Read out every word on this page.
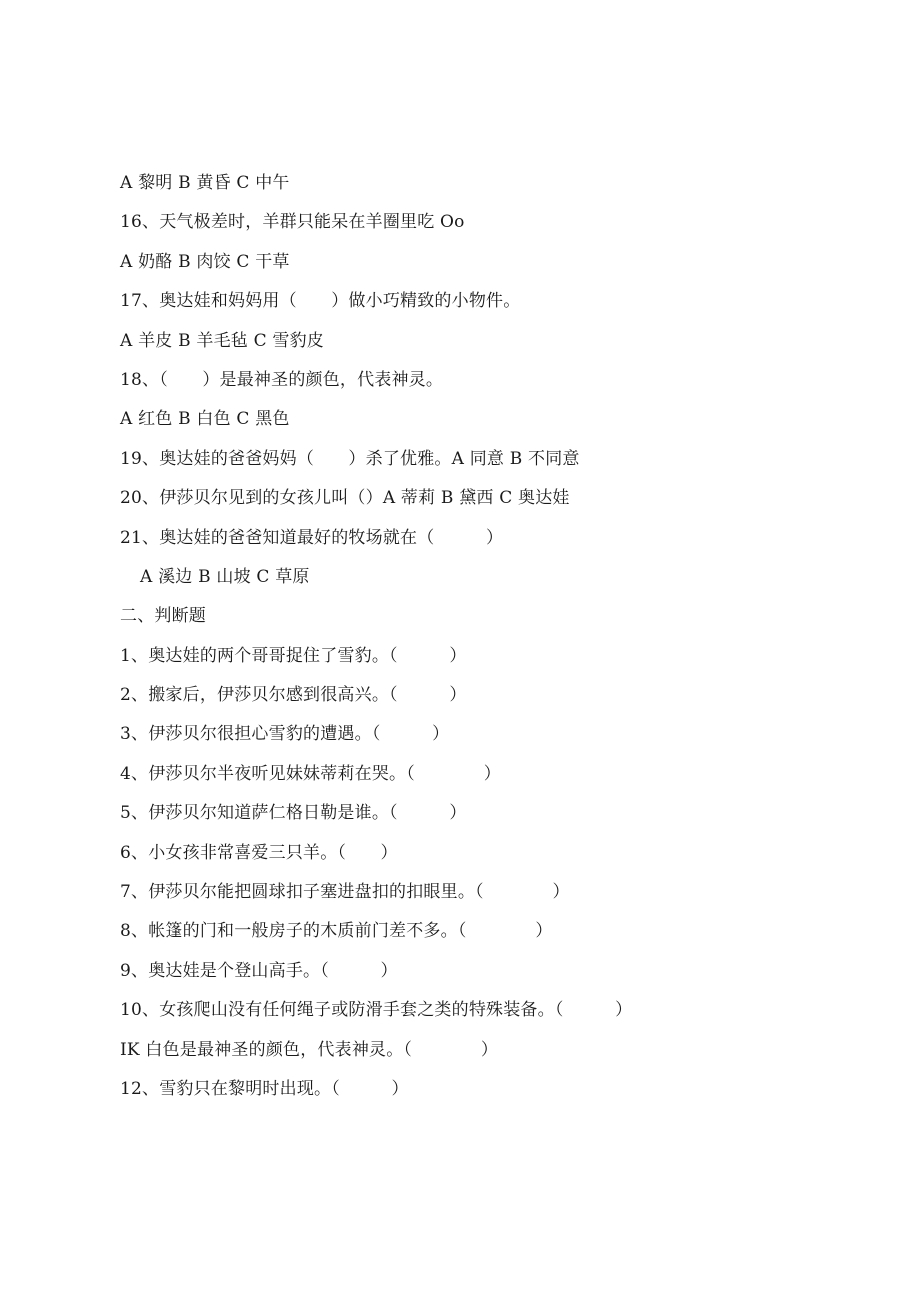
A 黎明 B 黄昏 C 中午
16、天气极差时，羊群只能呆在羊圈里吃 Oo
A 奶酪 B 肉饺 C 干草
17、奥达娃和妈妈用（　　）做小巧精致的小物件。
A 羊皮 B 羊毛毡 C 雪豹皮
18、（　　）是最神圣的颜色，代表神灵。
A 红色 B 白色 C 黑色
19、奥达娃的爸爸妈妈（　　）杀了优雅。A 同意 B 不同意
20、伊莎贝尔见到的女孩儿叫（）A 蒂莉 B 黛西 C 奥达娃
21、奥达娃的爸爸知道最好的牧场就在（　　　）
A 溪边 B 山坡 C 草原
二、判断题
1、奥达娃的两个哥哥捉住了雪豹。（　　　）
2、搬家后，伊莎贝尔感到很高兴。（　　　）
3、伊莎贝尔很担心雪豹的遭遇。（　　　）
4、伊莎贝尔半夜听见妹妹蒂莉在哭。（　　　　）
5、伊莎贝尔知道萨仁格日勒是谁。（　　　）
6、小女孩非常喜爱三只羊。（　　）
7、伊莎贝尔能把圆球扣子塞进盘扣的扣眼里。（　　　　）
8、帐篷的门和一般房子的木质前门差不多。（　　　　）
9、奥达娃是个登山高手。（　　　）
10、女孩爬山没有任何绳子或防滑手套之类的特殊装备。（　　　）
IK 白色是最神圣的颜色，代表神灵。（　　　　）
12、雪豹只在黎明时出现。（　　　）
